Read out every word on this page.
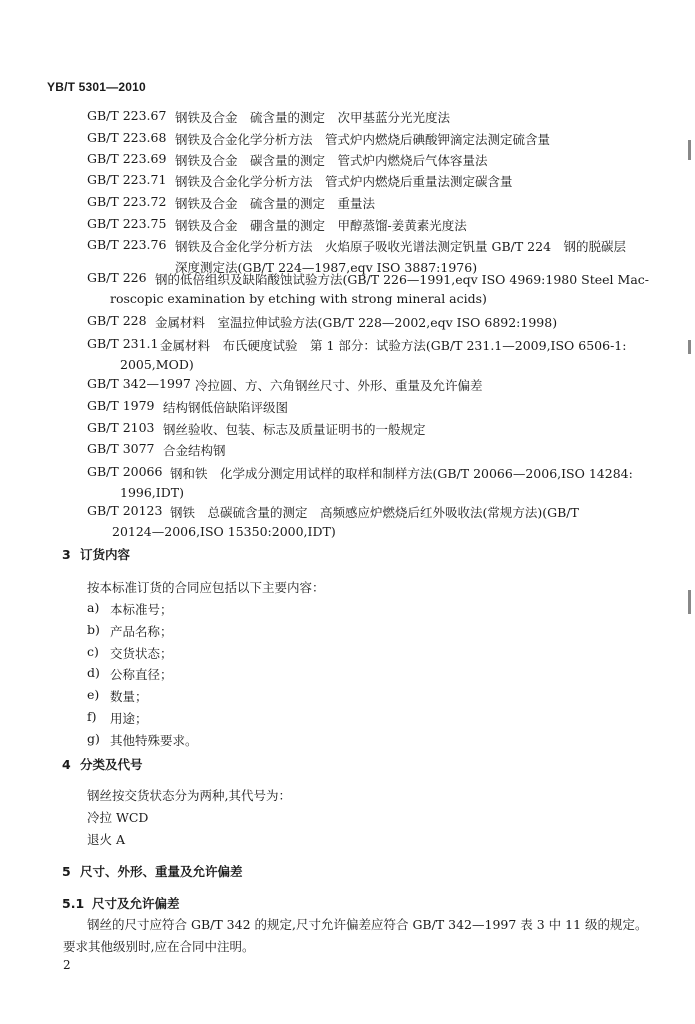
YB/T 5301—2010
GB/T 223.67 钢铁及合金　硫含量的测定　次甲基蓝分光光度法
GB/T 223.68 钢铁及合金化学分析方法　管式炉内燃烧后碘酸钾滴定法测定硫含量
GB/T 223.69 钢铁及合金　碳含量的测定　管式炉内燃烧后气体容量法
GB/T 223.71 钢铁及合金化学分析方法　管式炉内燃烧后重量法测定碳含量
GB/T 223.72 钢铁及合金　硫含量的测定　重量法
GB/T 223.75 钢铁及合金　硼含量的测定　甲醇蒸馏-姜黄素光度法
GB/T 223.76 钢铁及合金化学分析方法　火焰原子吸收光谱法测定钒量 GB/T 224　钢的脱碳层
深度测定法(GB/T 224—1987,eqv ISO 3887:1976)
GB/T 226 钢的低倍组织及缺陷酸蚀试验方法(GB/T 226—1991,eqv ISO 4969:1980 Steel Mac-
roscopic examination by etching with strong mineral acids)
GB/T 228 金属材料　室温拉伸试验方法(GB/T 228—2002,eqv ISO 6892:1998)
GB/T 231.1 金属材料　布氏硬度试验　第 1 部分：试验方法(GB/T 231.1—2009,ISO 6506-1:
2005,MOD)
GB/T 342—1997 冷拉圆、方、六角钢丝尺寸、外形、重量及允许偏差
GB/T 1979 结构钢低倍缺陷评级图
GB/T 2103 钢丝验收、包装、标志及质量证明书的一般规定
GB/T 3077 合金结构钢
GB/T 20066 钢和铁　化学成分测定用试样的取样和制样方法(GB/T 20066—2006,ISO 14284:
1996,IDT)
GB/T 20123 钢铁　总碳硫含量的测定　高频感应炉燃烧后红外吸收法(常规方法)(GB/T
20124—2006,ISO 15350:2000,IDT)
3 订货内容
按本标准订货的合同应包括以下主要内容：
a) 本标准号；
b) 产品名称；
c) 交货状态；
d) 公称直径；
e) 数量；
f) 用途；
g) 其他特殊要求。
4 分类及代号
钢丝按交货状态分为两种,其代号为：
冷拉 WCD
退火 A
5 尺寸、外形、重量及允许偏差
5.1 尺寸及允许偏差
钢丝的尺寸应符合 GB/T 342 的规定,尺寸允许偏差应符合 GB/T 342—1997 表 3 中 11 级的规定。
要求其他级别时,应在合同中注明。
2
